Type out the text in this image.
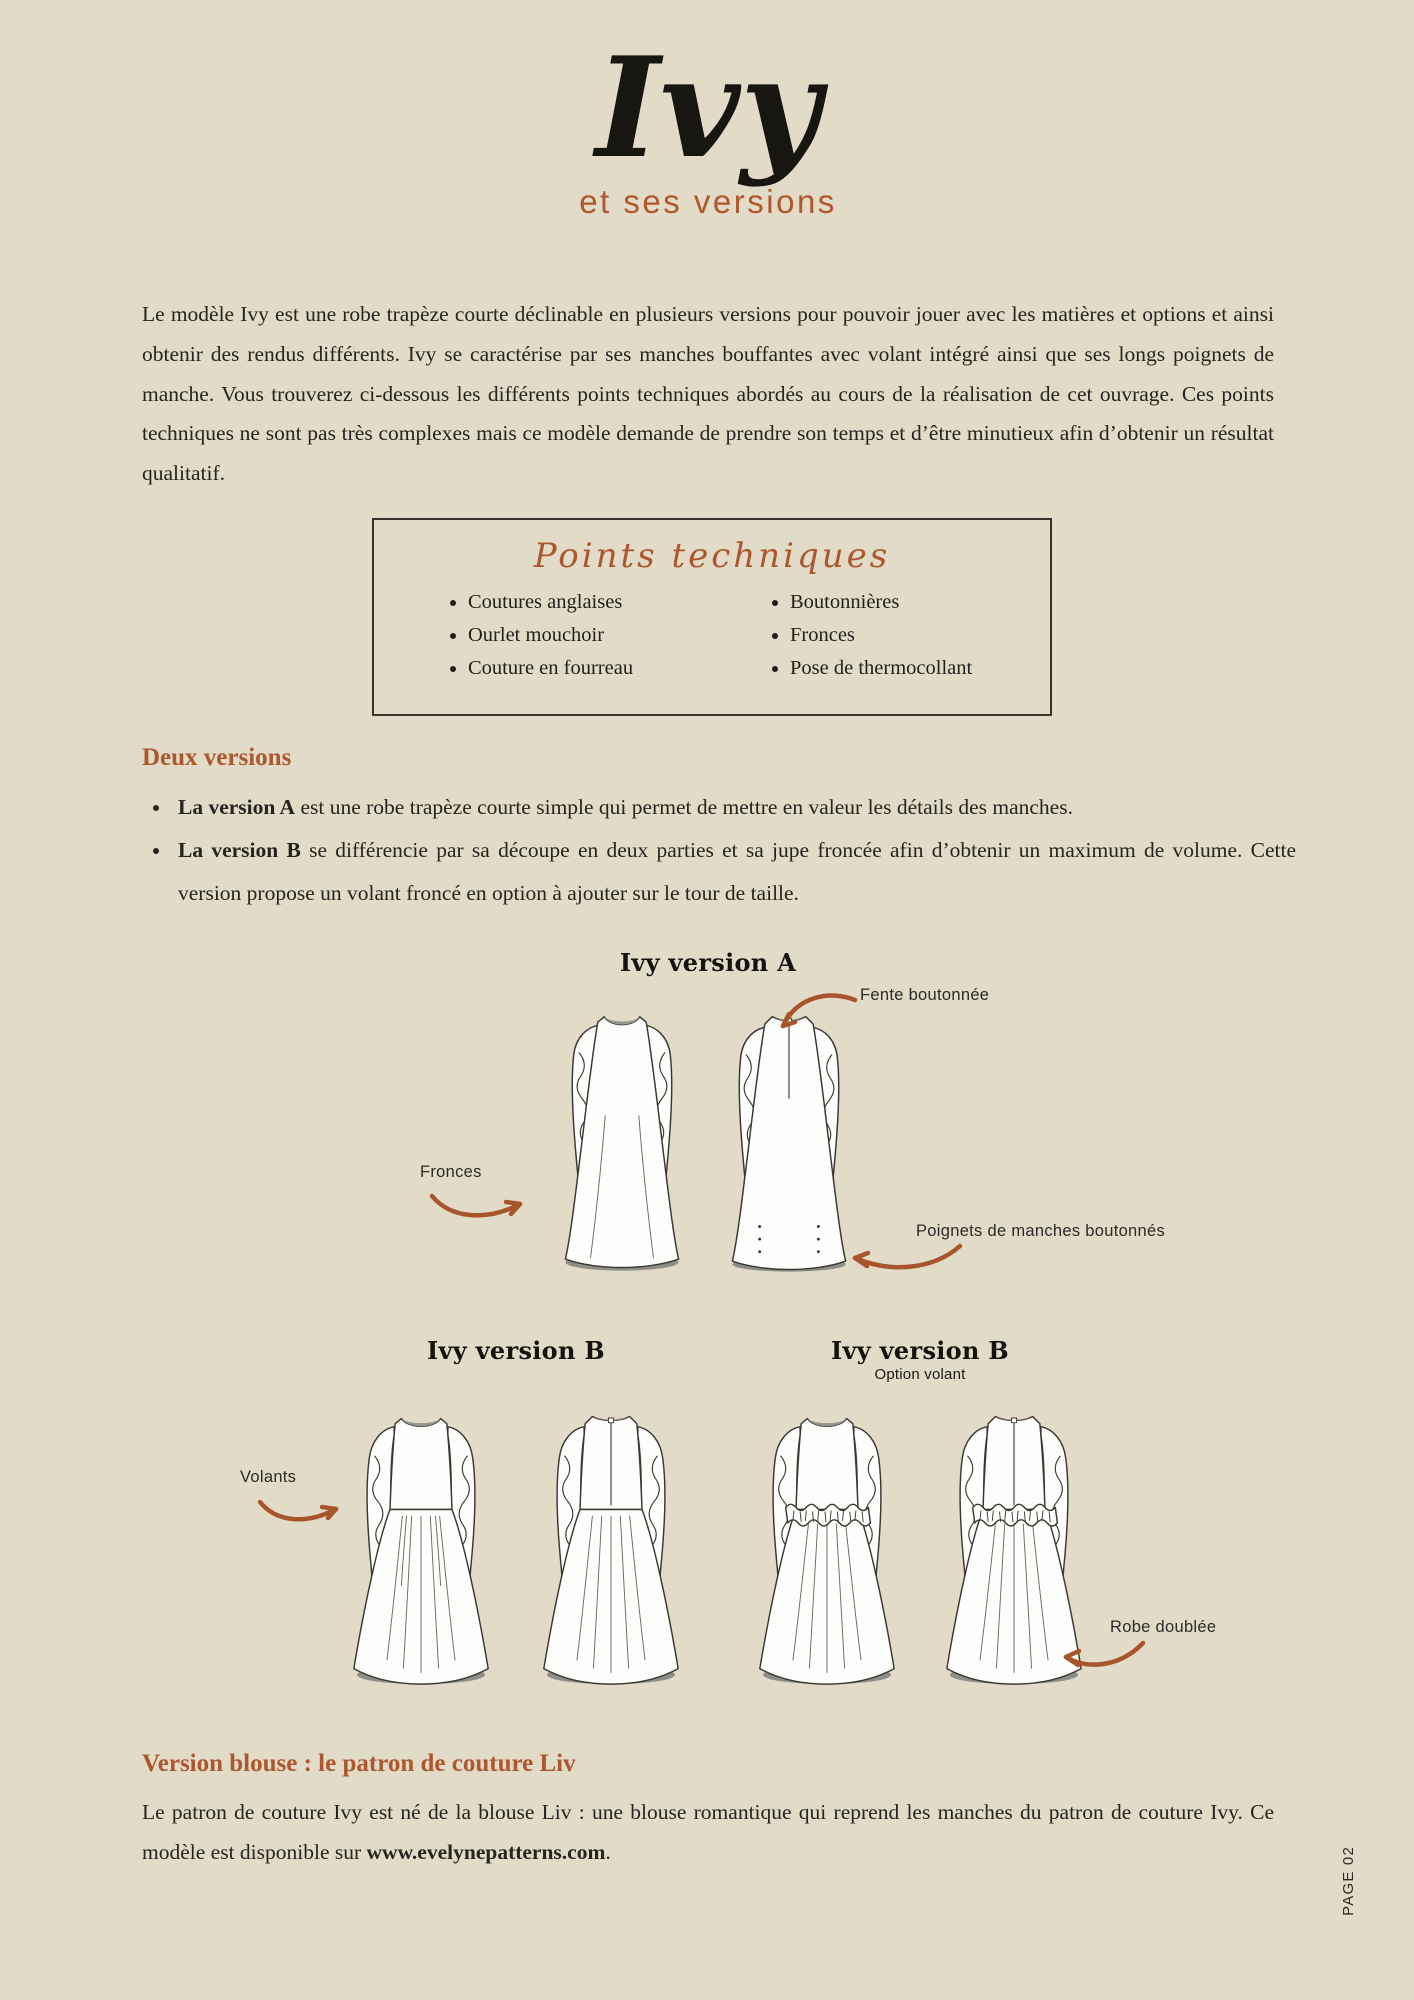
Ivy
et ses versions

Le modèle Ivy est une robe trapèze courte déclinable en plusieurs versions pour pouvoir jouer avec les matières et options et ainsi obtenir des rendus différents. Ivy se caractérise par ses manches bouffantes avec volant intégré ainsi que ses longs poignets de manche. Vous trouverez ci-dessous les différents points techniques abordés au cours de la réalisation de cet ouvrage. Ces points techniques ne sont pas très complexes mais ce modèle demande de prendre son temps et d’être minutieux afin d’obtenir un résultat qualitatif.

Points techniques
• Coutures anglaises
• Ourlet mouchoir
• Couture en fourreau
• Boutonnières
• Fronces
• Pose de thermocollant
Deux versions
• La version A est une robe trapèze courte simple qui permet de mettre en valeur les détails des manches.
• La version B se différencie par sa découpe en deux parties et sa jupe froncée afin d’obtenir un maximum de volume. Cette version propose un volant froncé en option à ajouter sur le tour de taille.
Ivy version A
Fente boutonnée
Fronces
Poignets de manches boutonnés
Ivy version B	Ivy version B
Option volant
Volants
Robe doublée
Version blouse : le patron de couture Liv

Le patron de couture Ivy est né de la blouse Liv : une blouse romantique qui reprend les manches du patron de couture Ivy. Ce modèle est disponible sur www.evelynepatterns.com.	PAGE 02
